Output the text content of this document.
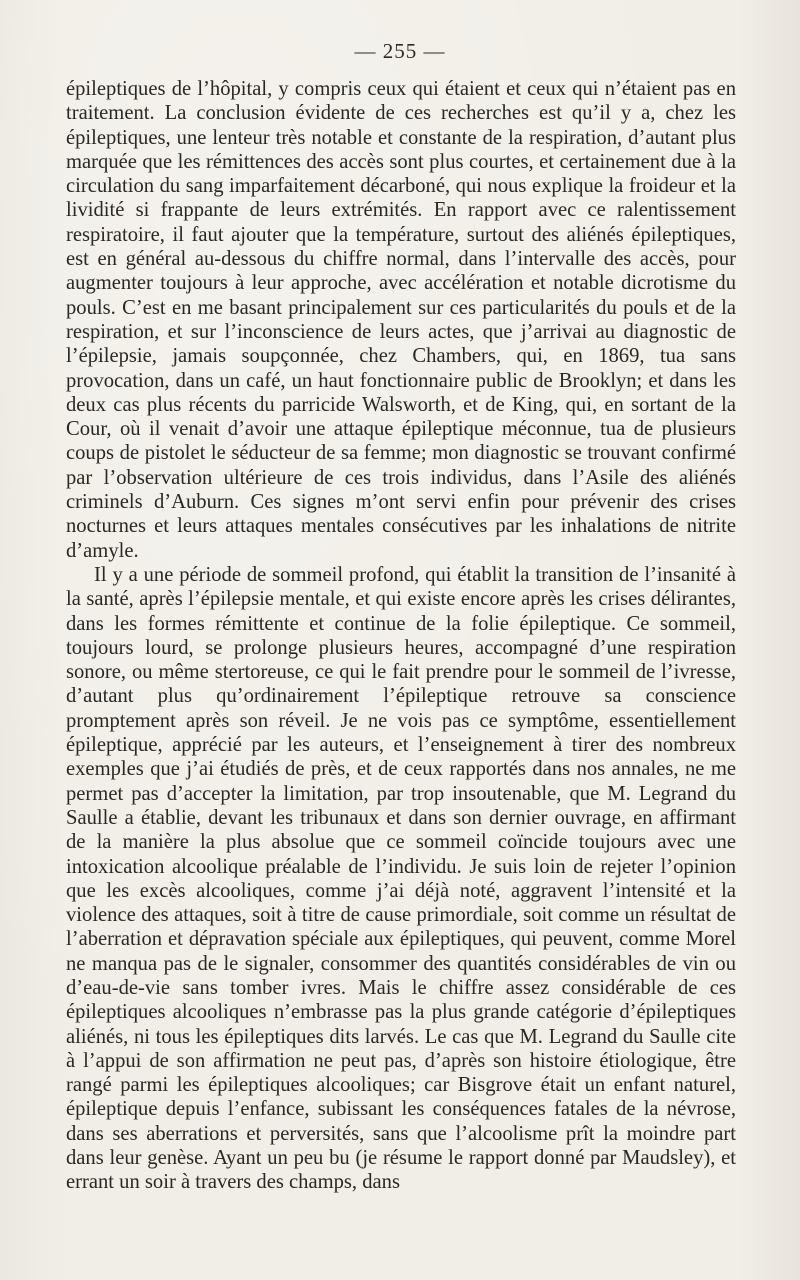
— 255 —

épileptiques de l’hôpital, y compris ceux qui étaient et ceux qui n’étaient pas en traitement. La conclusion évidente de ces recherches est qu’il y a, chez les épileptiques, une lenteur très notable et constante de la respiration, d’autant plus marquée que les rémittences des accès sont plus courtes, et certainement due à la circulation du sang imparfaitement décarboné, qui nous explique la froideur et la lividité si frappante de leurs extrémités. En rapport avec ce ralentissement respiratoire, il faut ajouter que la température, surtout des aliénés épileptiques, est en général au-dessous du chiffre normal, dans l’intervalle des accès, pour augmenter toujours à leur approche, avec accélération et notable dicrotisme du pouls. C’est en me basant principalement sur ces particularités du pouls et de la respiration, et sur l’inconscience de leurs actes, que j’arrivai au diagnostic de l’épilepsie, jamais soupçonnée, chez Chambers, qui, en 1869, tua sans provocation, dans un café, un haut fonctionnaire public de Brooklyn; et dans les deux cas plus récents du parricide Walsworth, et de King, qui, en sortant de la Cour, où il venait d’avoir une attaque épileptique méconnue, tua de plusieurs coups de pistolet le séducteur de sa femme; mon diagnostic se trouvant confirmé par l’observation ultérieure de ces trois individus, dans l’Asile des aliénés criminels d’Auburn. Ces signes m’ont servi enfin pour prévenir des crises nocturnes et leurs attaques mentales consécutives par les inhalations de nitrite d’amyle.

Il y a une période de sommeil profond, qui établit la transition de l’insanité à la santé, après l’épilepsie mentale, et qui existe encore après les crises délirantes, dans les formes rémittente et continue de la folie épileptique. Ce sommeil, toujours lourd, se prolonge plusieurs heures, accompagné d’une respiration sonore, ou même stertoreuse, ce qui le fait prendre pour le sommeil de l’ivresse, d’autant plus qu’ordinairement l’épileptique retrouve sa conscience promptement après son réveil. Je ne vois pas ce symptôme, essentiellement épileptique, apprécié par les auteurs, et l’enseignement à tirer des nombreux exemples que j’ai étudiés de près, et de ceux rapportés dans nos annales, ne me permet pas d’accepter la limitation, par trop insoutenable, que M. Legrand du Saulle a établie, devant les tribunaux et dans son dernier ouvrage, en affirmant de la manière la plus absolue que ce sommeil coïncide toujours avec une intoxication alcoolique préalable de l’individu. Je suis loin de rejeter l’opinion que les excès alcooliques, comme j’ai déjà noté, aggravent l’intensité et la violence des attaques, soit à titre de cause primordiale, soit comme un résultat de l’aberration et dépravation spéciale aux épileptiques, qui peuvent, comme Morel ne manqua pas de le signaler, consommer des quantités considérables de vin ou d’eau-de-vie sans tomber ivres. Mais le chiffre assez considérable de ces épileptiques alcooliques n’embrasse pas la plus grande catégorie d’épileptiques aliénés, ni tous les épileptiques dits larvés. Le cas que M. Legrand du Saulle cite à l’appui de son affirmation ne peut pas, d’après son histoire étiologique, être rangé parmi les épileptiques alcooliques; car Bisgrove était un enfant naturel, épileptique depuis l’enfance, subissant les conséquences fatales de la névrose, dans ses aberrations et perversités, sans que l’alcoolisme prît la moindre part dans leur genèse. Ayant un peu bu (je résume le rapport donné par Maudsley), et errant un soir à travers des champs, dans
